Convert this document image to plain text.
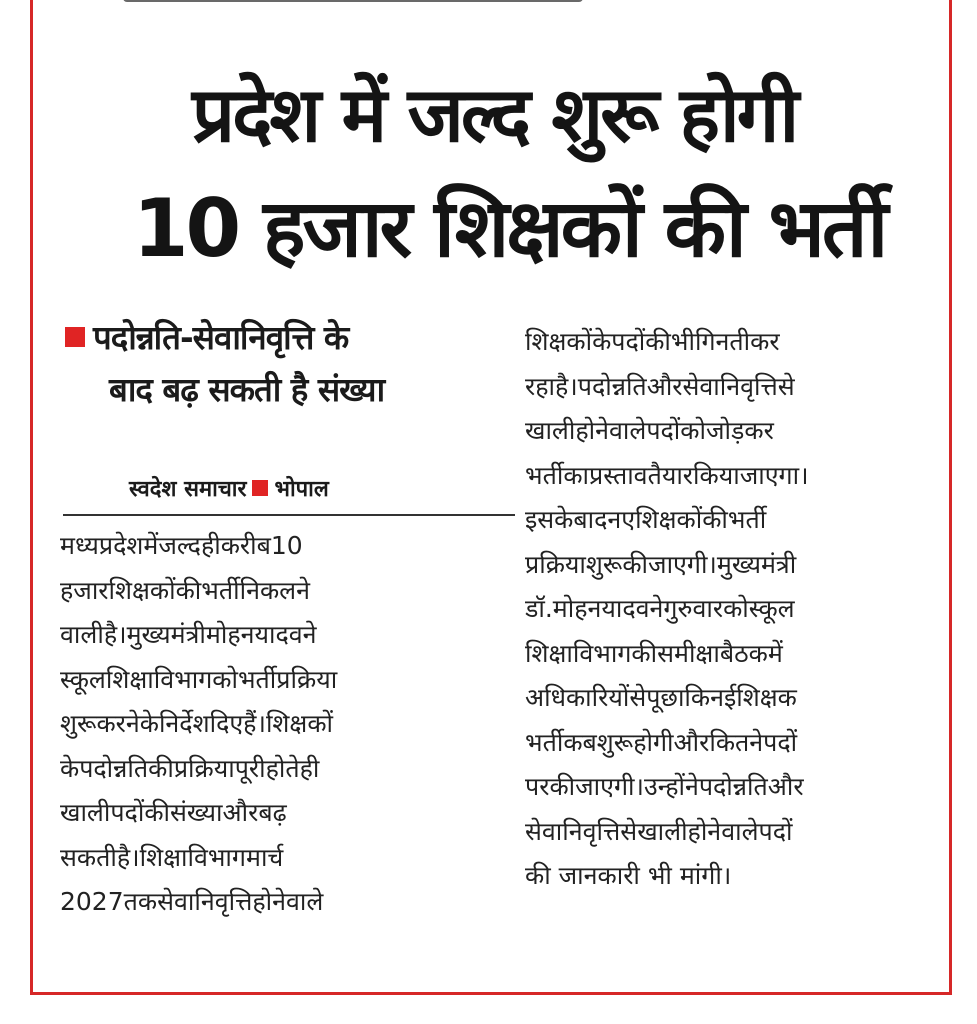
प्रदेश में जल्द शुरू होगी
10 हजार शिक्षकों की भर्ती
पदोन्नति-सेवानिवृत्ति के
बाद बढ़ सकती है संख्या
स्वदेश समाचार भोपाल
मध्यप्रदेशमेंजल्दहीकरीब10
हजारशिक्षकोंकीभर्तीनिकलने
वालीहै।मुख्यमंत्रीमोहनयादवने
स्कूलशिक्षाविभागकोभर्तीप्रक्रिया
शुरूकरनेकेनिर्देशदिएहैं।शिक्षकों
केपदोन्नतिकीप्रक्रियापूरीहोतेही
खालीपदोंकीसंख्याऔरबढ़
सकतीहै।शिक्षाविभागमार्च
2027तकसेवानिवृत्तिहोनेवाले
शिक्षकोंकेपदोंकीभीगिनतीकर
रहाहै।पदोन्नतिऔरसेवानिवृत्तिसे
खालीहोनेवालेपदोंकोजोड़कर
भर्तीकाप्रस्तावतैयारकियाजाएगा।
इसकेबादनएशिक्षकोंकीभर्ती
प्रक्रियाशुरूकीजाएगी।मुख्यमंत्री
डॉ.मोहनयादवनेगुरुवारकोस्कूल
शिक्षाविभागकीसमीक्षाबैठकमें
अधिकारियोंसेपूछाकिनईशिक्षक
भर्तीकबशुरूहोगीऔरकितनेपदों
परकीजाएगी।उन्होंनेपदोन्नतिऔर
सेवानिवृत्तिसेखालीहोनेवालेपदों
की जानकारी भी मांगी।
